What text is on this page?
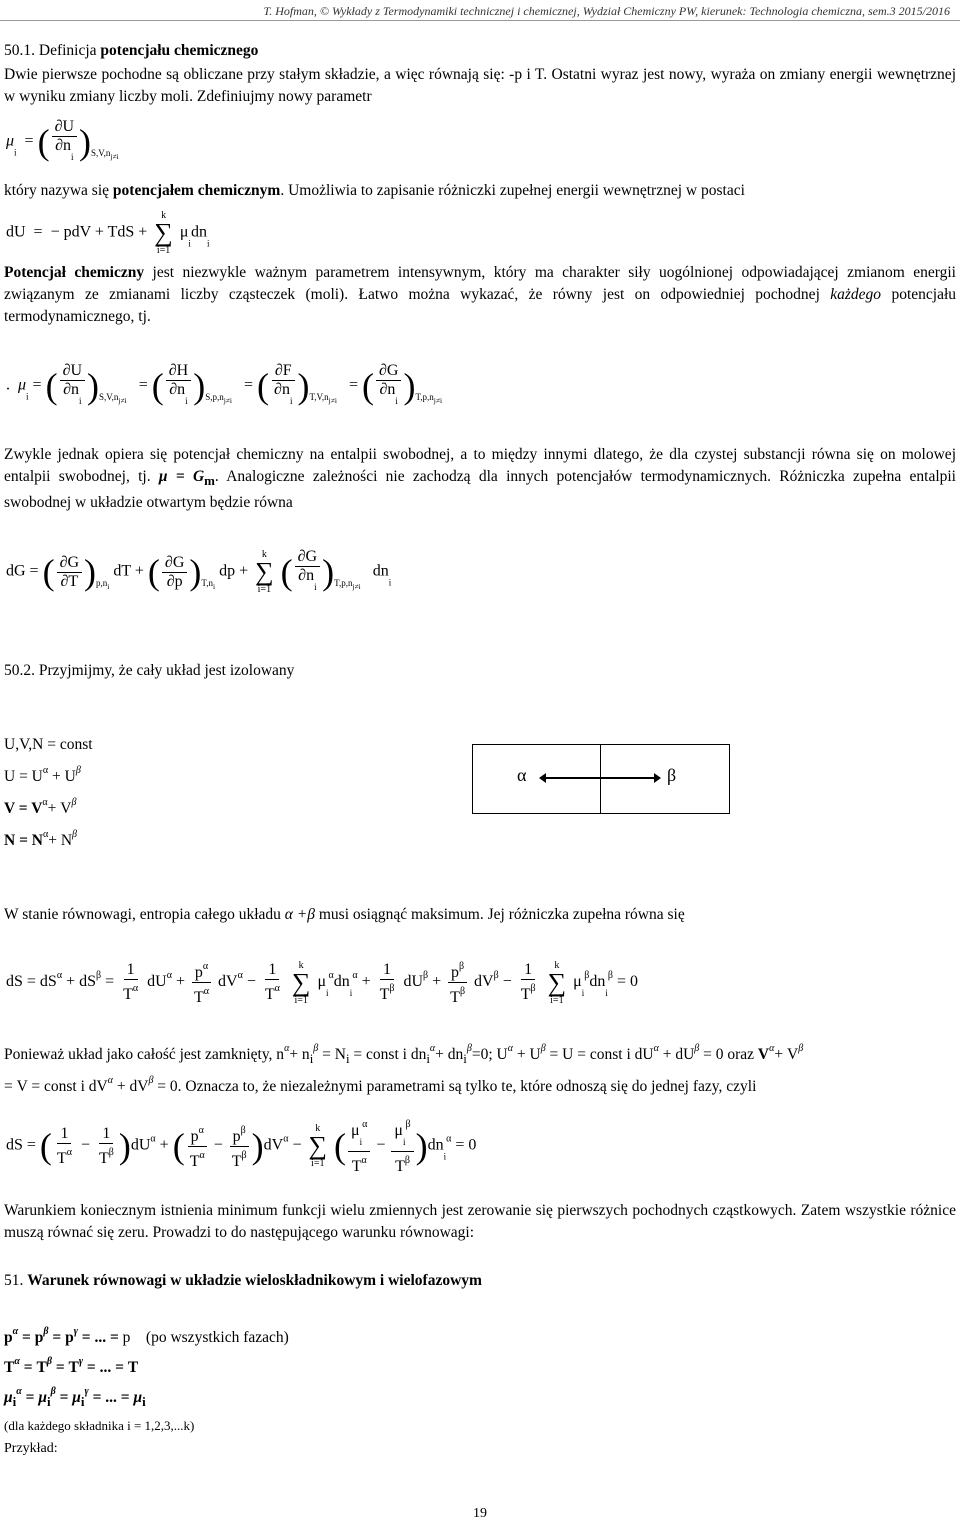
T. Hofman, © Wykłady z Termodynamiki technicznej i chemicznej, Wydział Chemiczny PW, kierunek: Technologia chemiczna, sem.3 2015/2016
50.1. Definicja potencjału chemicznego
Dwie pierwsze pochodne są obliczane przy stałym składzie, a więc równają się: -p i T. Ostatni wyraz jest nowy, wyraża on zmiany energii wewnętrznej w wyniku zmiany liczby moli. Zdefiniujmy nowy parametr
$\mu_i$  = ( $\frac{\partial U}{\partial n_i} )_{S,V,n_{j\ne i}}$
który nazywa się potencjałem chemicznym. Umożliwia to zapisanie różniczki zupełnej energii wewnętrznej w postaci
dU  =  − pdV + TdS +
k
∑
i=1
$\mu_idn_i$
Potencjał chemiczny jest niezwykle ważnym parametrem intensywnym, który ma charakter siły uogólnionej odpowiadającej zmianom energii związanym ze zmianami liczby cząsteczek (moli). Łatwo można wykazać, że równy jest on odpowiedniej pochodnej każdego potencjału termodynamicznego, tj.
.  $\mu_i$ = ( $\frac{\partial U}{\partial n_i} )_{S,V,n_{j\ne i}}$   = ( $\frac{\partial H}{\partial n_i} )_{S,p,n_{j\ne i}}$   = ( $\frac{\partial F}{\partial n_i} )_{T,V,n_{j\ne i}}$   = ( $\frac{\partial G}{\partial n_i} )_{T,p,n_{j\ne i}}$
Zwykle jednak opiera się potencjał chemiczny na entalpii swobodnej, a to między innymi dlatego, że dla czystej substancji równa się on molowej entalpii swobodnej, tj. $\mu = G_m$. Analogiczne zależności nie zachodzą dla innych potencjałów termodynamicznych. Różniczka zupełna entalpii swobodnej w układzie otwartym będzie równa
dG = ( $\frac{\partial G}{\partial T} )_{p,n_i}$ dT + ( $\frac{\partial G}{\partial p} )_{T,n_i}$ dp +
k
∑
i=1 ( $\frac{\partial G}{\partial n_i} )_{T,p,n_{j\ne i}}$   $dn_i$
50.2. Przyjmijmy, że cały układ jest izolowany
U,V,N = const
$U = U^\alpha + U^\beta$
$V = V^\alpha+ V^\beta$
$N = N^\alpha+ N^\beta$
α	β
W stanie równowagi, entropia całego układu α +β musi osiągnąć maksimum. Jej różniczka zupełna równa się
dS = $dS^\alpha + dS^\beta = \frac{1}{T^\alpha} dU^\alpha + \frac{p^\alpha}{T^\alpha} dV^\alpha - \frac{1}{T^\alpha}$
k
∑
i=1
$\mu_i^\alpha dn_i^\alpha + \frac{1}{T^\beta} dU^\beta + \frac{p^\beta}{T^\beta} dV^\beta - \frac{1}{T^\beta}$
k
∑
i=1
$\mu_i^\beta dn_i^\beta = 0$
Ponieważ układ jako całość jest zamknięty, $n^\alpha+ n_i^\beta = N_i$ = const i $dn_i^\alpha+ dn_i^\beta=0$; $U^\alpha + U^\beta = U$ = const i $dU^\alpha + dU^\beta = 0$ oraz $V^\alpha+ V^\beta$
= V = const i $dV^\alpha + dV^\beta = 0$. Oznacza to, że niezależnymi parametrami są tylko te, które odnoszą się do jednej fazy, czyli
dS = ( $\frac{1}{T^\alpha} - \frac{1}{T^\beta} )dU^\alpha$ + ( $\frac{p^\alpha}{T^\alpha} - \frac{p^\beta}{T^\beta} )dV^\alpha$ −
k
∑
i=1 ( $\frac{\mu_i^\alpha}{T^\alpha} - \frac{\mu_i^\beta}{T^\beta} )dn_i^\alpha = 0$
Warunkiem koniecznym istnienia minimum funkcji wielu zmiennych jest zerowanie się pierwszych pochodnych cząstkowych. Zatem wszystkie różnice muszą równać się zeru. Prowadzi to do następującego warunku równowagi:
51. Warunek równowagi w układzie wieloskładnikowym i wielofazowym
$p^\alpha = p^\beta = p^\gamma$ = ... = p    (po wszystkich fazach)
$T^\alpha = T^\beta = T^\gamma$ = ... = T
$\mu_i^\alpha = \mu_i^\beta = \mu_i^\gamma$ = ... = $\mu_i$
(dla każdego składnika i = 1,2,3,...k)
Przykład:
19
